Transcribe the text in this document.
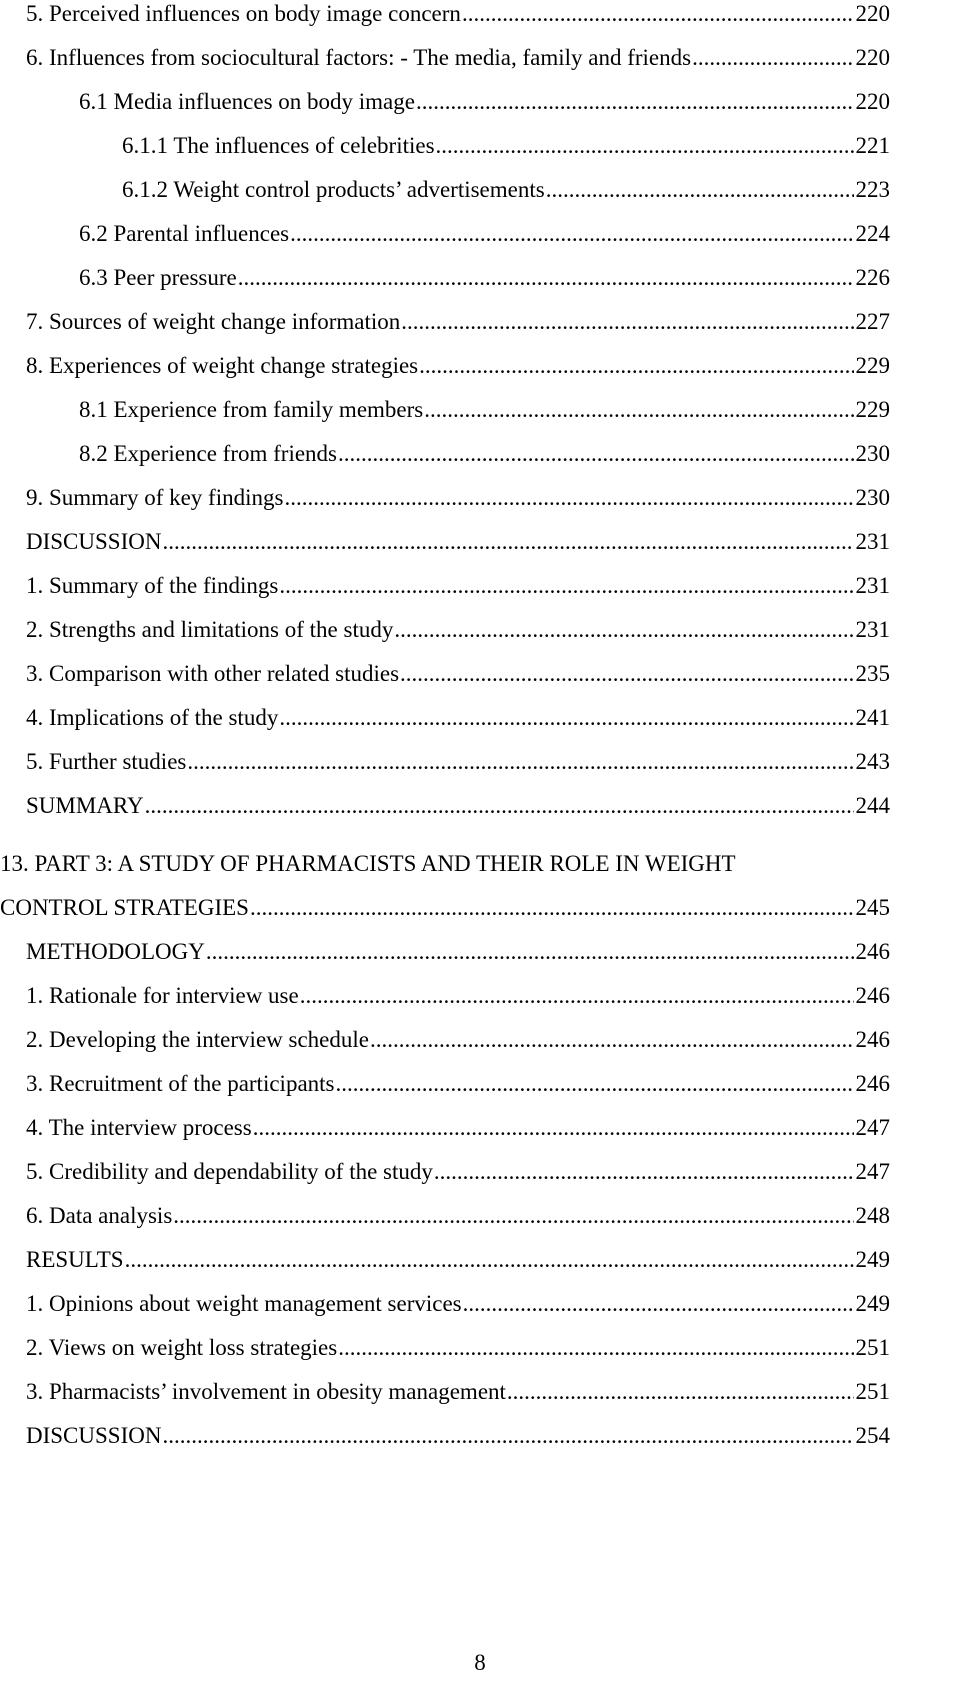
5. Perceived influences on body image concern .....	220
6. Influences from sociocultural factors: - The media, family and friends .....	220
6.1 Media influences on body image .....	220
6.1.1 The influences of celebrities .....	221
6.1.2 Weight control products’ advertisements .....	223
6.2 Parental influences .....	224
6.3 Peer pressure .....	226
7. Sources of weight change information .....	227
8. Experiences of weight change strategies .....	229
8.1 Experience from family members .....	229
8.2 Experience from friends .....	230
9. Summary of key findings .....	230
DISCUSSION .....	231
1. Summary of the findings .....	231
2. Strengths and limitations of the study .....	231
3. Comparison with other related studies .....	235
4. Implications of the study .....	241
5. Further studies .....	243
SUMMARY .....	244
13. PART 3: A STUDY OF PHARMACISTS AND THEIR ROLE IN WEIGHT
CONTROL STRATEGIES .....	245
METHODOLOGY .....	246
1. Rationale for interview use .....	246
2. Developing the interview schedule .....	246
3. Recruitment of the participants .....	246
4. The interview process .....	247
5. Credibility and dependability of the study .....	247
6. Data analysis .....	248
RESULTS .....	249
1. Opinions about weight management services .....	249
2. Views on weight loss strategies .....	251
3. Pharmacists’ involvement in obesity management .....	251
DISCUSSION .....	254
8
